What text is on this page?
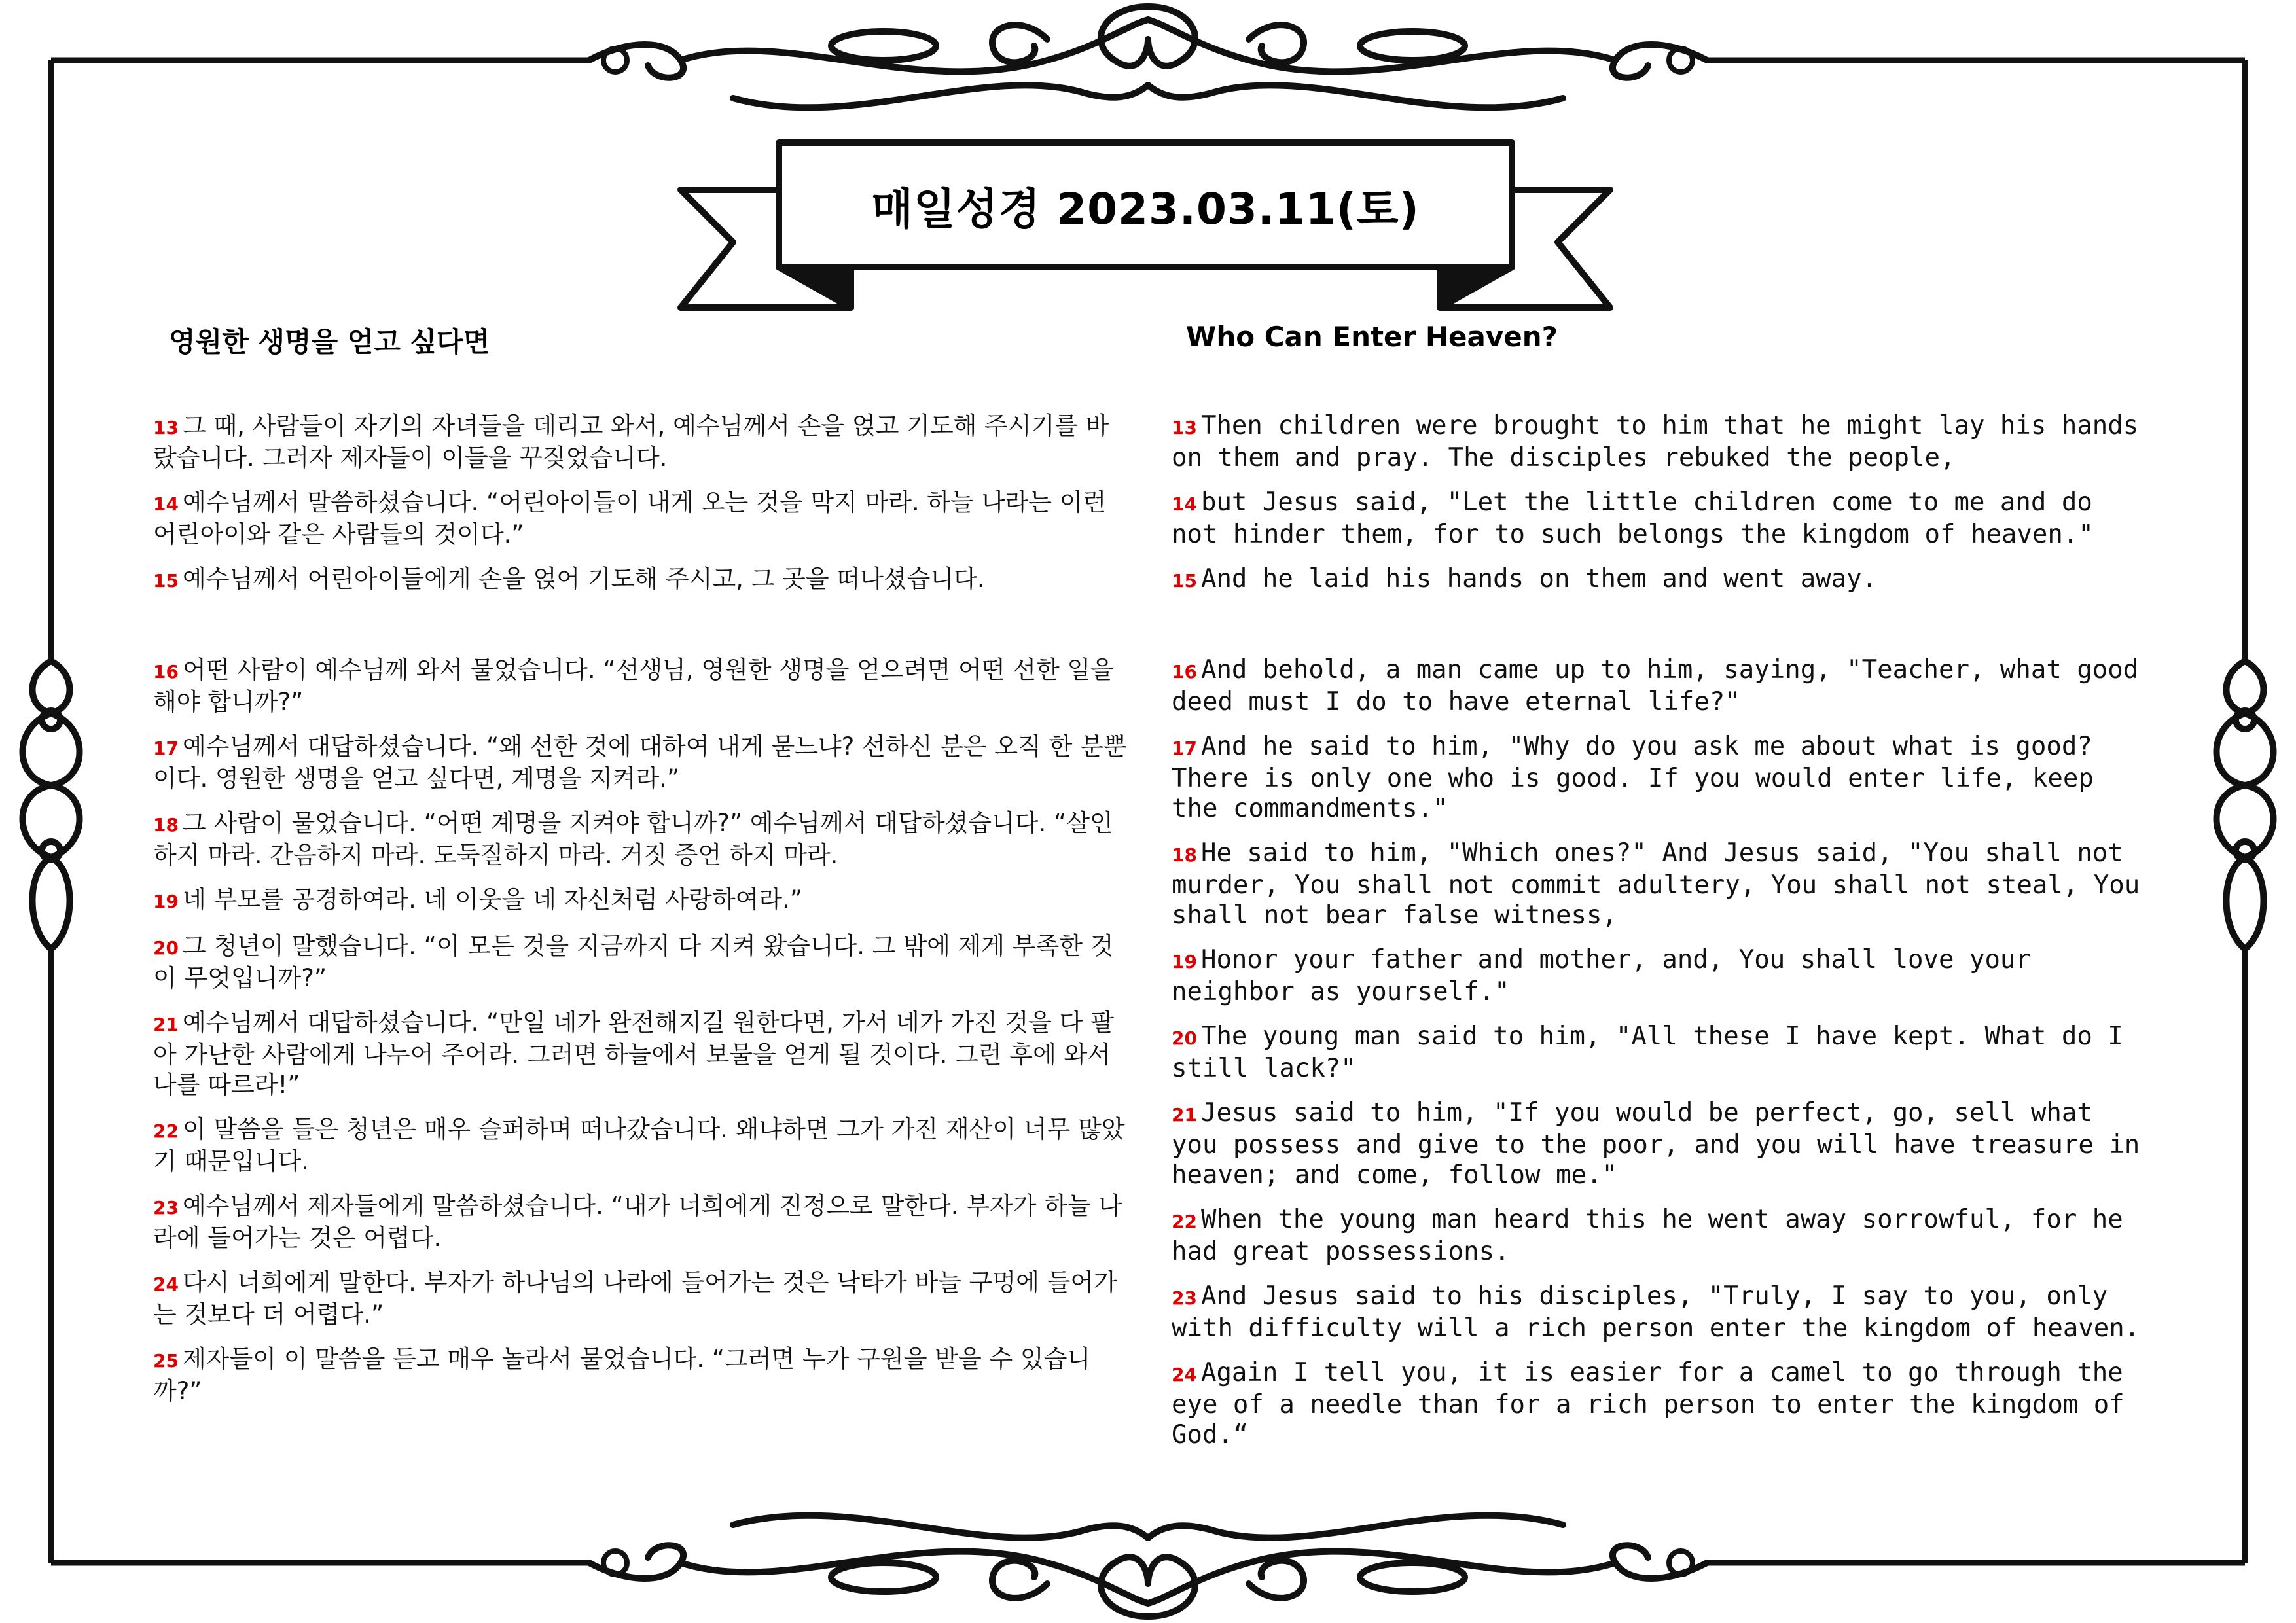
매일성경 2023.03.11(토)
영원한 생명을 얻고 싶다면	Who Can Enter Heaven?

13 그 때, 사람들이 자기의 자녀들을 데리고 와서, 예수님께서 손을 얹고 기도해 주시기를 바랐습니다. 그러자 제자들이 이들을 꾸짖었습니다.

14 예수님께서 말씀하셨습니다. “어린아이들이 내게 오는 것을 막지 마라. 하늘 나라는 이런 어린아이와 같은 사람들의 것이다.”

15 예수님께서 어린아이들에게 손을 얹어 기도해 주시고, 그 곳을 떠나셨습니다.

16 어떤 사람이 예수님께 와서 물었습니다. “선생님, 영원한 생명을 얻으려면 어떤 선한 일을 해야 합니까?”

17 예수님께서 대답하셨습니다. “왜 선한 것에 대하여 내게 묻느냐? 선하신 분은 오직 한 분뿐이다. 영원한 생명을 얻고 싶다면, 계명을 지켜라.”

18 그 사람이 물었습니다. “어떤 계명을 지켜야 합니까?” 예수님께서 대답하셨습니다. “살인하지 마라. 간음하지 마라. 도둑질하지 마라. 거짓 증언 하지 마라.

19 네 부모를 공경하여라. 네 이웃을 네 자신처럼 사랑하여라.”

20 그 청년이 말했습니다. “이 모든 것을 지금까지 다 지켜 왔습니다. 그 밖에 제게 부족한 것이 무엇입니까?”

21 예수님께서 대답하셨습니다. “만일 네가 완전해지길 원한다면, 가서 네가 가진 것을 다 팔아 가난한 사람에게 나누어 주어라. 그러면 하늘에서 보물을 얻게 될 것이다. 그런 후에 와서 나를 따르라!”

22 이 말씀을 들은 청년은 매우 슬퍼하며 떠나갔습니다. 왜냐하면 그가 가진 재산이 너무 많았기 때문입니다.

23 예수님께서 제자들에게 말씀하셨습니다. “내가 너희에게 진정으로 말한다. 부자가 하늘 나라에 들어가는 것은 어렵다.

24 다시 너희에게 말한다. 부자가 하나님의 나라에 들어가는 것은 낙타가 바늘 구멍에 들어가는 것보다 더 어렵다.”

25 제자들이 이 말씀을 듣고 매우 놀라서 물었습니다. “그러면 누가 구원을 받을 수 있습니까?”

13 Then children were brought to him that he might lay his hands on them and pray. The disciples rebuked the people,

14 but Jesus said, "Let the little children come to me and do not hinder them, for to such belongs the kingdom of heaven."

15 And he laid his hands on them and went away.

16 And behold, a man came up to him, saying, "Teacher, what good deed must I do to have eternal life?"

17 And he said to him, "Why do you ask me about what is good? There is only one who is good. If you would enter life, keep the commandments."

18 He said to him, "Which ones?" And Jesus said, "You shall not murder, You shall not commit adultery, You shall not steal, You shall not bear false witness,

19 Honor your father and mother, and, You shall love your neighbor as yourself."

20 The young man said to him, "All these I have kept. What do I still lack?"

21 Jesus said to him, "If you would be perfect, go, sell what you possess and give to the poor, and you will have treasure in heaven; and come, follow me."

22 When the young man heard this he went away sorrowful, for he had great possessions.

23 And Jesus said to his disciples, "Truly, I say to you, only with difficulty will a rich person enter the kingdom of heaven.

24 Again I tell you, it is easier for a camel to go through the eye of a needle than for a rich person to enter the kingdom of God.“
